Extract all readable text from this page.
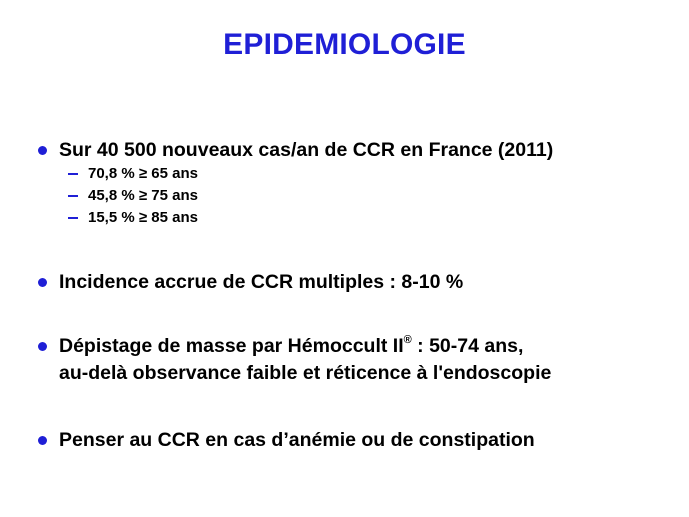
EPIDEMIOLOGIE
Sur 40 500 nouveaux cas/an de CCR en France (2011)
70,8 % ≥ 65 ans
45,8 % ≥ 75 ans
15,5 % ≥ 85 ans
Incidence accrue de CCR multiples : 8-10 %
Dépistage de masse par Hémoccult II® : 50-74 ans,
au-delà observance faible et réticence à l'endoscopie
Penser au CCR en cas d’anémie ou de constipation
